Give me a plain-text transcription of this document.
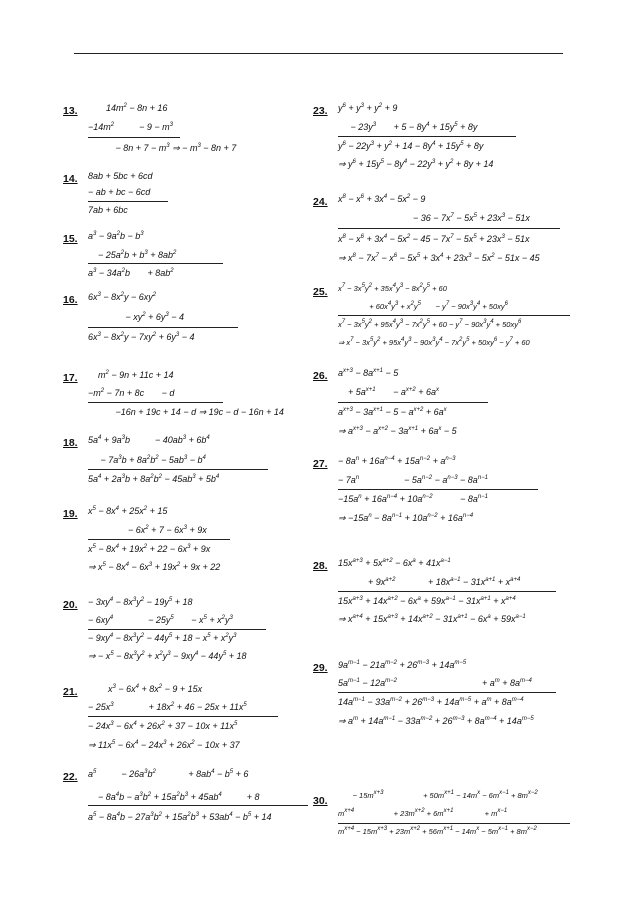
13.	$14m^2 - 8n + 16$
$-14m^2$          − $9 - m^3$
− $8n + 7 - m^3$ ⇒ − $m^3 - 8n + 7$
14. 8ab + 5bc + 6cd
− ab + bc − 6cd
7ab + 6bc
15. $a^3 - 9a^2b - b^3$
− $25a^2b + b^3 + 8ab^2$
$a^3 - 34a^2b$       + $8ab^2$
16. $6x^3 - 8x^2y - 6xy^2$
− $xy^2 + 6y^3 - 4$
$6x^3 - 8x^2y - 7xy^2 + 6y^3 - 4$
17. $m^2 - 9n + 11c + 14$
$-m^2 - 7n + 8c$       − d
−16n + 19c + 14 − d ⇒ 19c − d − 16n + 14
18. $5a^4 + 9a^3b$          − $40ab^3 + 6b^4$
− $7a^3b + 8a^2b^2 - 5ab^3 - b^4$
$5a^4 + 2a^3b + 8a^2b^2 - 45ab^3 + 5b^4$
19. $x^5 - 8x^4 + 25x^2 + 15$
− $6x^2 + 7 - 6x^3 + 9x$
$x^5 - 8x^4 + 19x^2 + 22 - 6x^3 + 9x$
⇒ $x^5 - 8x^4 - 6x^3 + 19x^2 + 9x + 22$
20. − $3xy^4 - 8x^3y^2 - 19y^5 + 18$
− $6xy^4$              − $25y^5$       − $x^5 + x^2y^3$
− $9xy^4 - 8x^3y^2 - 44y^5 + 18 - x^5 + x^2y^3$
⇒ − $x^5 - 8x^3y^2 + x^2y^3 - 9xy^4 - 44y^5 + 18$
21. $x^3 - 6x^4 + 8x^2 - 9 + 15x$
− $25x^3$              + $18x^2 + 46 - 25x + 11x^5$
− $24x^3 - 6x^4 + 26x^2 + 37 - 10x + 11x^5$
⇒ $11x^5 - 6x^4 - 24x^3 + 26x^2 - 10x + 37$
22. $a^5$          − $26a^3b^2$             + $8ab^4 - b^5 + 6$
− $8a^4b - a^3b^2 + 15a^2b^3 + 45ab^4$          + 8
$a^5 - 8a^4b - 27a^3b^2 + 15a^2b^3 + 53ab^4 - b^5 + 14$
23. $y^6 + y^3 + y^2 + 9$
− $23y^3$       + $5 - 8y^4 + 15y^5 + 8y$
$y^6 - 22y^3 + y^2 + 14 - 8y^4 + 15y^5 + 8y$
⇒ $y^6 + 15y^5 - 8y^4 - 22y^3 + y^2 + 8y + 14$
24. $x^8 - x^6 + 3x^4 - 5x^2 - 9$
− $36 - 7x^7 - 5x^5 + 23x^3 - 51x$
$x^8 - x^6 + 3x^4 - 5x^2 - 45 - 7x^7 - 5x^5 + 23x^3 - 51x$
⇒ $x^8 - 7x^7 - x^6 - 5x^5 + 3x^4 + 23x^3 - 5x^2 - 51x - 45$
25. $x^7 - 3x^5y^2 + 35x^4y^3 - 8x^2y^5 + 60$
+ $60x^4y^3 + x^2y^5$       − $y^7 - 90x^3y^4 + 50xy^6$
$x^7 - 3x^5y^2 + 95x^4y^3 - 7x^2y^5 + 60 - y^7 - 90x^3y^4 + 50xy^6$
⇒ $x^7 - 3x^5y^2 + 95x^4y^3 - 90x^3y^4 - 7x^2y^5 + 50xy^6 - y^7 + 60$
26. $a^{x+3} - 8a^{x+1} - 5$
+ $5a^{x+1}$       − $a^{x+2} + 6a^x$
$a^{x+3} - 3a^{x+1} - 5 - a^{x+2} + 6a^x$
⇒ $a^{x+3} - a^{x+2} - 3a^{x+1} + 6a^x - 5$
27. − $8a^n + 16a^{n-4} + 15a^{n-2} + a^{n-3}$
− $7a^n$                  − $5a^{n-2} - a^{n-3} - 8a^{n-1}$
$-15a^n + 16a^{n-4} + 10a^{n-2}$           − $8a^{n-1}$
⇒ $-15a^n - 8a^{n-1} + 10a^{n-2} + 16a^{n-4}$
28. $15x^{a+3} + 5x^{a+2} - 6x^a + 41x^{a-1}$
+ $9x^{a+2}$             + $18x^{a-1} - 31x^{a+1} + x^{a+4}$
$15x^{a+3} + 14x^{a+2} - 6x^a + 59x^{a-1} - 31x^{a+1} + x^{a+4}$
⇒ $x^{a+4} + 15x^{a+3} + 14x^{a+2} - 31x^{a+1} - 6x^a + 59x^{a-1}$
29. $9a^{m-1} - 21a^{m-2} + 26^{m-3} + 14a^{m-5}$
$5a^{m-1} - 12a^{m-2}$                                  + $a^m + 8a^{m-4}$
$14a^{m-1} - 33a^{m-2} + 26^{m-3} + 14a^{m-5} + a^m + 8a^{m-4}$
⇒ $a^m + 14a^{m-1} - 33a^{m-2} + 26^{m-3} + 8a^{m-4} + 14a^{m-5}$
30. − $15m^{x+3}$                   + $50m^{x+1} - 14m^x - 6m^{x-1} + 8m^{x-2}$
$m^{x+4}$                   + $23m^{x+2} + 6m^{x+1}$               + $m^{x-1}$
$m^{x+4} - 15m^{x+3} + 23m^{x+2} + 56m^{x+1} - 14m^x - 5m^{x-1} + 8m^{x-2}$
